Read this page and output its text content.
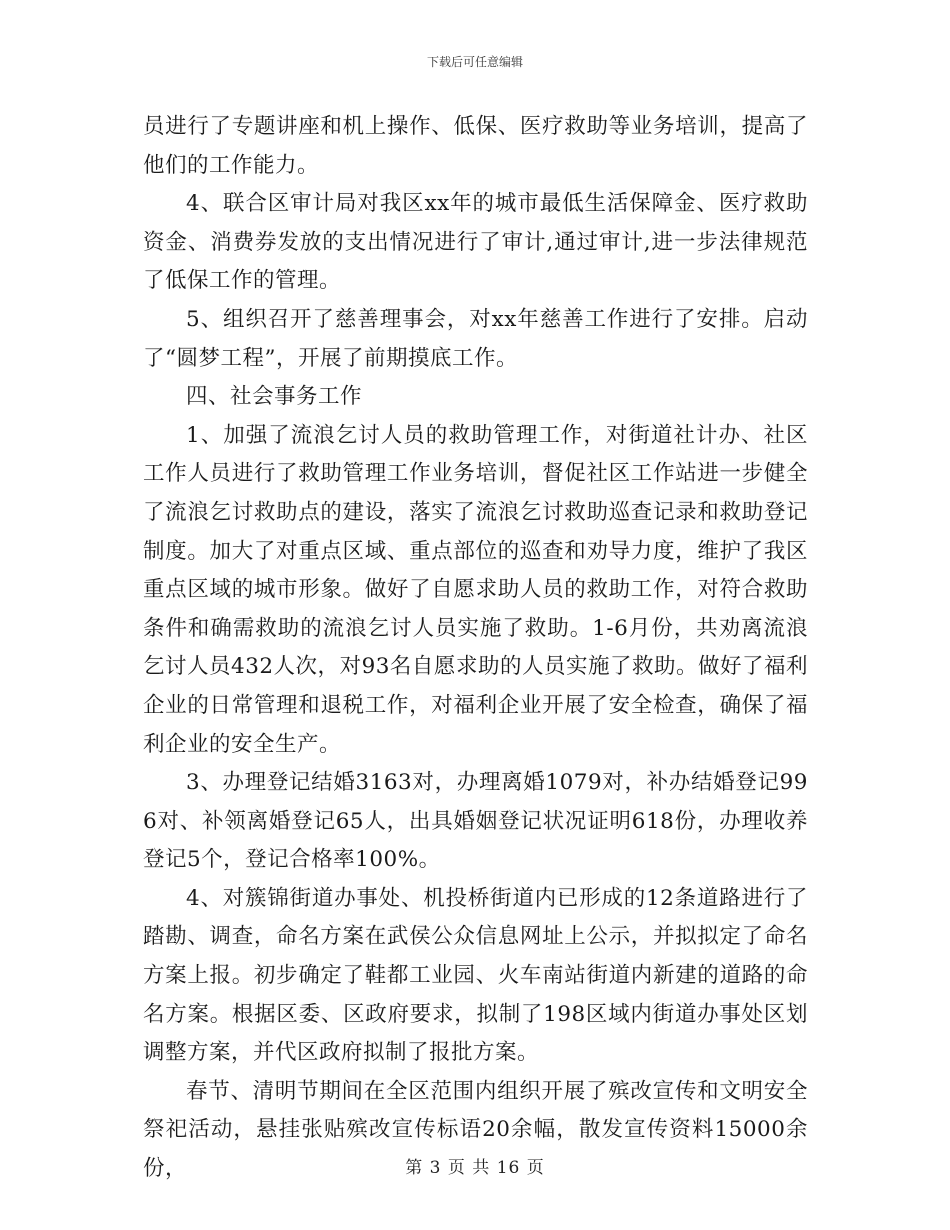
下载后可任意编辑

员进行了专题讲座和机上操作、低保、医疗救助等业务培训，提高了他们的工作能力。

4、联合区审计局对我区xx年的城市最低生活保障金、医疗救助资金、消费券发放的支出情况进行了审计,通过审计,进一步法律规范了低保工作的管理。

5、组织召开了慈善理事会，对xx年慈善工作进行了安排。启动了“圆梦工程”，开展了前期摸底工作。

四、社会事务工作

1、加强了流浪乞讨人员的救助管理工作，对街道社计办、社区工作人员进行了救助管理工作业务培训，督促社区工作站进一步健全了流浪乞讨救助点的建设，落实了流浪乞讨救助巡查记录和救助登记制度。加大了对重点区域、重点部位的巡查和劝导力度，维护了我区重点区域的城市形象。做好了自愿求助人员的救助工作，对符合救助条件和确需救助的流浪乞讨人员实施了救助。1-6月份，共劝离流浪乞讨人员432人次，对93名自愿求助的人员实施了救助。做好了福利企业的日常管理和退税工作，对福利企业开展了安全检查，确保了福利企业的安全生产。

3、办理登记结婚3163对，办理离婚1079对，补办结婚登记996对、补领离婚登记65人，出具婚姻登记状况证明618份，办理收养登记5个，登记合格率100%。

4、对簇锦街道办事处、机投桥街道内已形成的12条道路进行了踏勘、调查，命名方案在武侯公众信息网址上公示，并拟拟定了命名方案上报。初步确定了鞋都工业园、火车南站街道内新建的道路的命名方案。根据区委、区政府要求，拟制了198区域内街道办事处区划调整方案，并代区政府拟制了报批方案。

春节、清明节期间在全区范围内组织开展了殡改宣传和文明安全祭祀活动，悬挂张贴殡改宣传标语20余幅，散发宣传资料15000余份，	第 3 页 共 16 页
